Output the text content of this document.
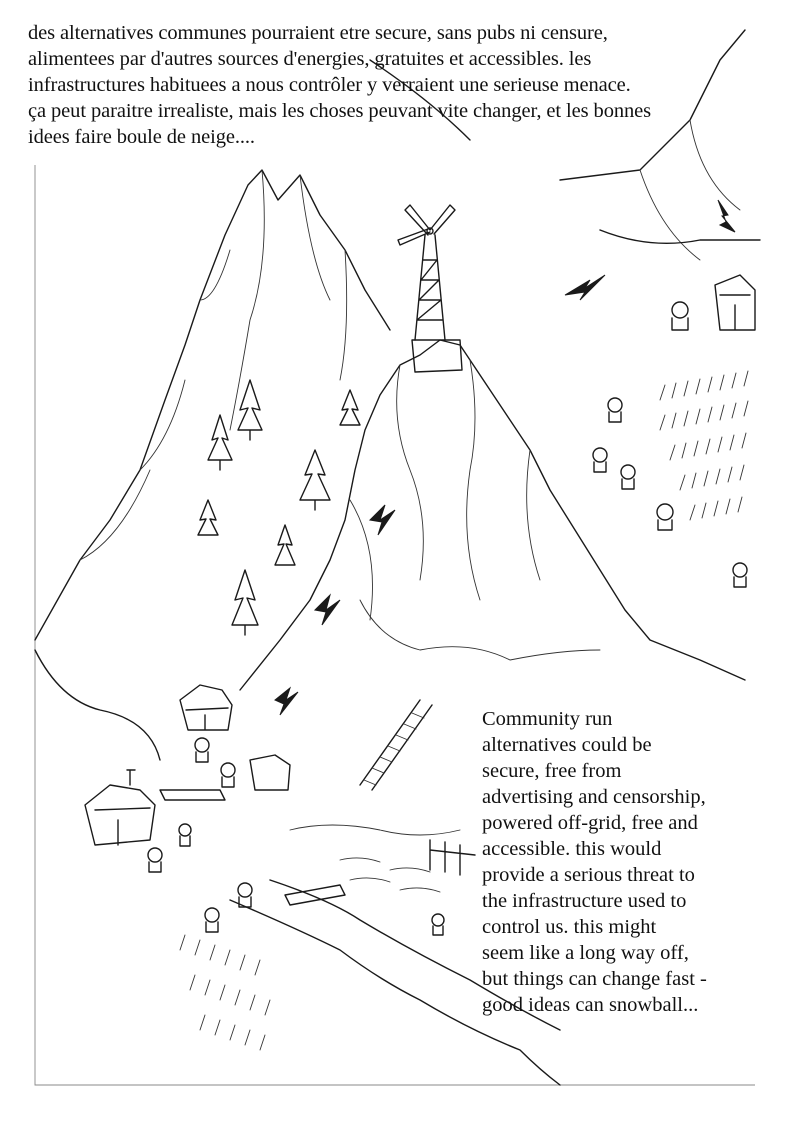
des alternatives communes pourraient etre secure, sans pubs ni censure,
alimentees par d'autres sources d'energies, gratuites et accessibles. les
infrastructures habituees a nous contrôler y verraient une serieuse menace.
ça peut paraitre irrealiste, mais les choses peuvant vite changer, et les bonnes
idees faire boule de neige....

Community run
alternatives could be
secure, free from
advertising and censorship,
powered off-grid, free and
accessible. this would
provide a serious threat to
the infrastructure used to
control us. this might
seem like a long way off,
but things can change fast -
good ideas can snowball...
